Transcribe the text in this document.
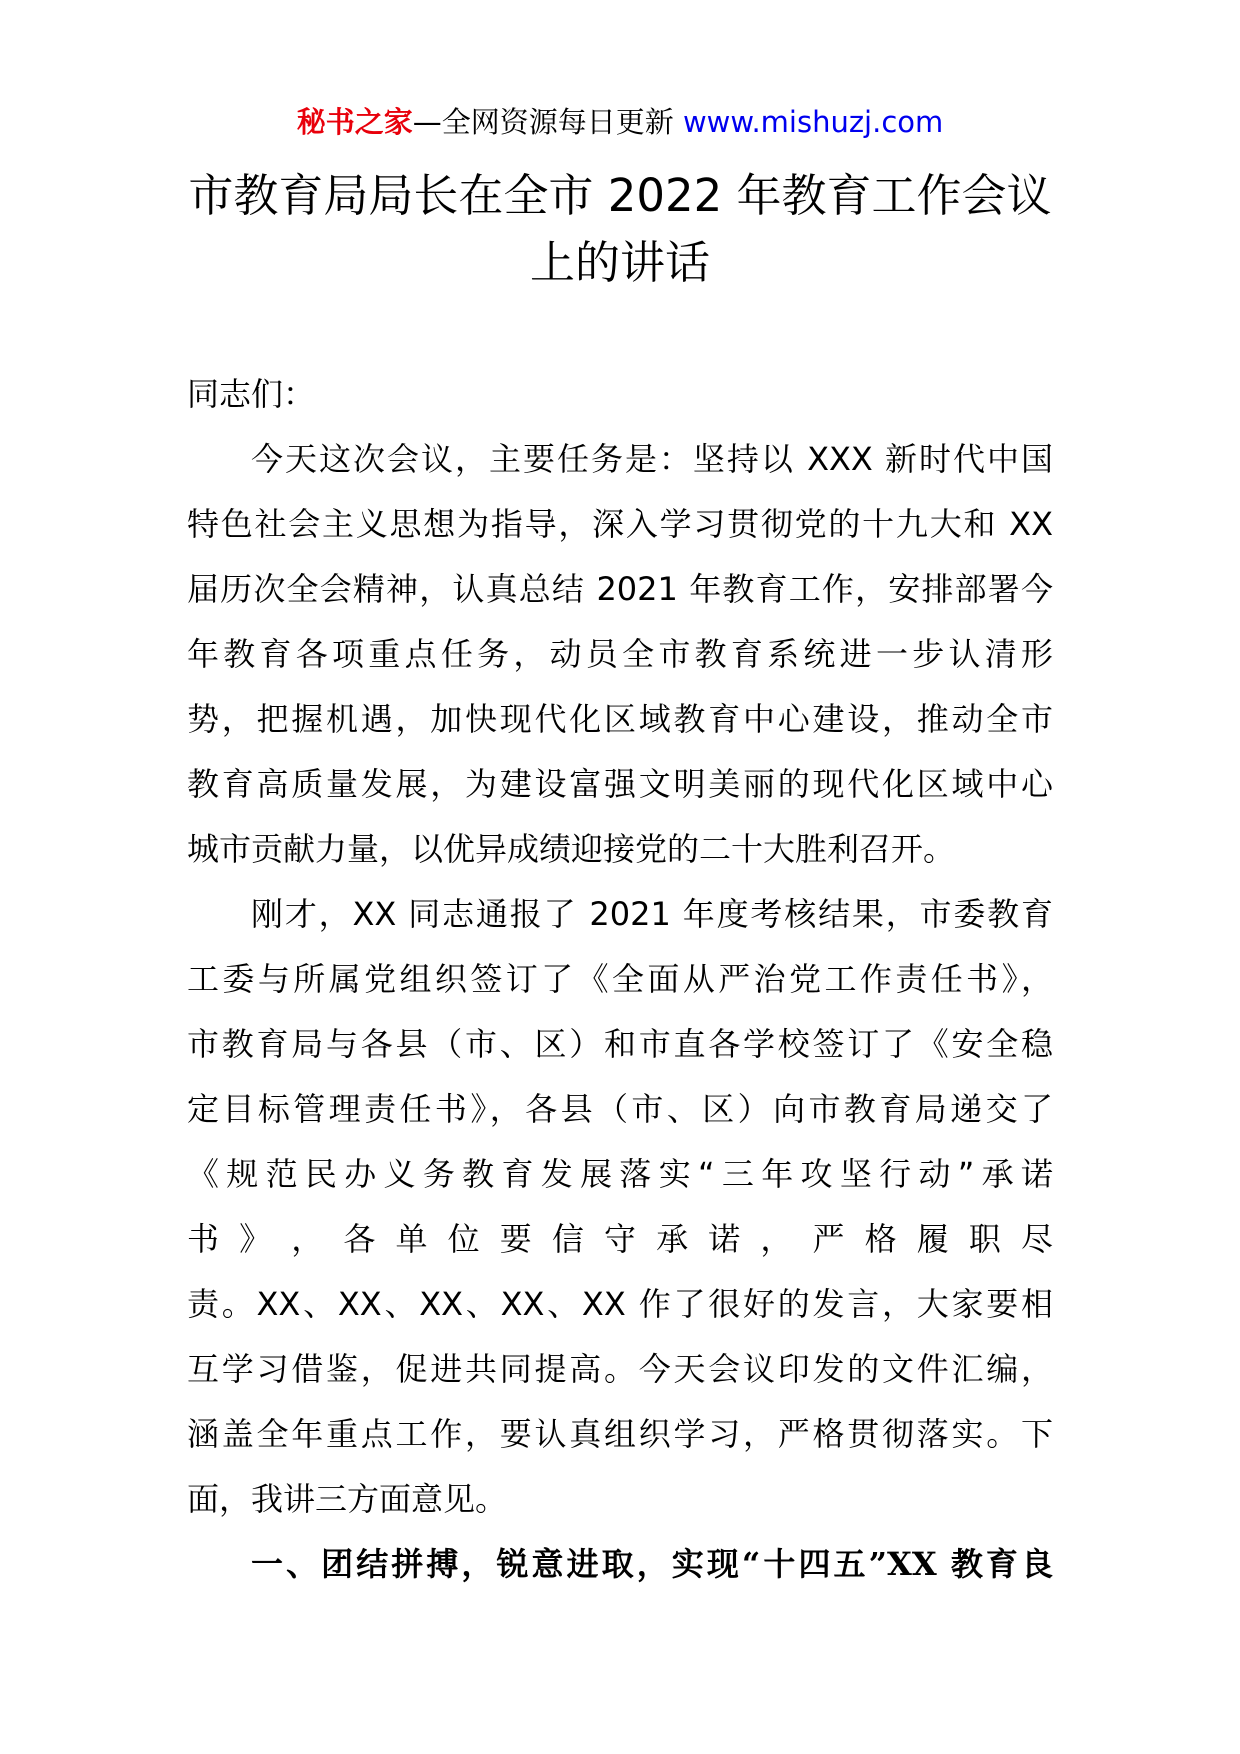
秘书之家—全网资源每日更新 www.mishuzj.com
市教育局局长在全市 2022 年教育工作会议
上的讲话
同志们：
今天这次会议，主要任务是：坚持以 XXX 新时代中国
特色社会主义思想为指导，深入学习贯彻党的十九大和 XX
届历次全会精神，认真总结 2021 年教育工作，安排部署今
年教育各项重点任务，动员全市教育系统进一步认清形
势，把握机遇，加快现代化区域教育中心建设，推动全市
教育高质量发展，为建设富强文明美丽的现代化区域中心
城市贡献力量，以优异成绩迎接党的二十大胜利召开。
刚才，XX 同志通报了 2021 年度考核结果，市委教育
工委与所属党组织签订了《全面从严治党工作责任书》，
市教育局与各县（市、区）和市直各学校签订了《安全稳
定目标管理责任书》，各县（市、区）向市教育局递交了
《规范民办义务教育发展落实“三年攻坚行动”承诺
书 》 ， 各 单 位 要 信 守 承 诺 ， 严 格 履 职 尽
责。XX、XX、XX、XX、XX 作了很好的发言，大家要相
互学习借鉴，促进共同提高。今天会议印发的文件汇编，
涵盖全年重点工作，要认真组织学习，严格贯彻落实。下
面，我讲三方面意见。
一、团结拼搏，锐意进取，实现“十四五”XX 教育良
